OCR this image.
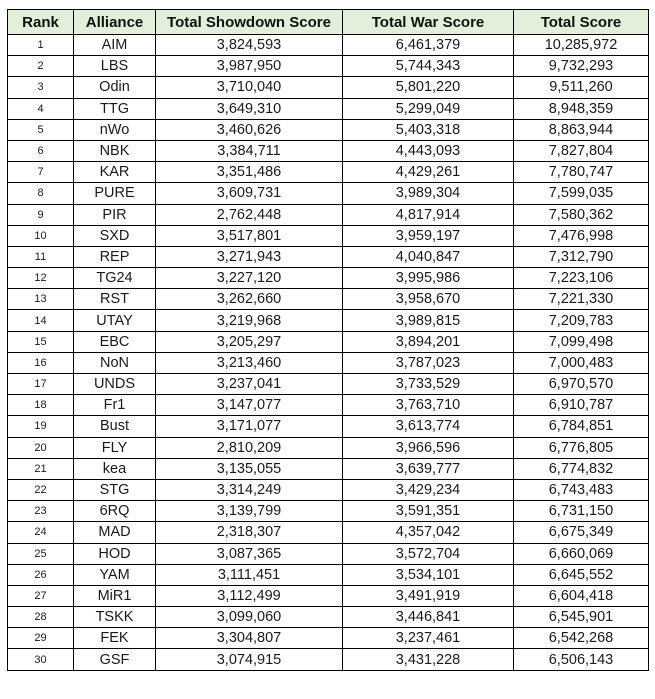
Rank	Alliance	Total Showdown Score	Total War Score	Total Score
1	AIM	3,824,593	6,461,379	10,285,972
2	LBS	3,987,950	5,744,343	9,732,293
3	Odin	3,710,040	5,801,220	9,511,260
4	TTG	3,649,310	5,299,049	8,948,359
5	nWo	3,460,626	5,403,318	8,863,944
6	NBK	3,384,711	4,443,093	7,827,804
7	KAR	3,351,486	4,429,261	7,780,747
8	PURE	3,609,731	3,989,304	7,599,035
9	PIR	2,762,448	4,817,914	7,580,362
10	SXD	3,517,801	3,959,197	7,476,998
11	REP	3,271,943	4,040,847	7,312,790
12	TG24	3,227,120	3,995,986	7,223,106
13	RST	3,262,660	3,958,670	7,221,330
14	UTAY	3,219,968	3,989,815	7,209,783
15	EBC	3,205,297	3,894,201	7,099,498
16	NoN	3,213,460	3,787,023	7,000,483
17	UNDS	3,237,041	3,733,529	6,970,570
18	Fr1	3,147,077	3,763,710	6,910,787
19	Bust	3,171,077	3,613,774	6,784,851
20	FLY	2,810,209	3,966,596	6,776,805
21	kea	3,135,055	3,639,777	6,774,832
22	STG	3,314,249	3,429,234	6,743,483
23	6RQ	3,139,799	3,591,351	6,731,150
24	MAD	2,318,307	4,357,042	6,675,349
25	HOD	3,087,365	3,572,704	6,660,069
26	YAM	3,111,451	3,534,101	6,645,552
27	MiR1	3,112,499	3,491,919	6,604,418
28	TSKK	3,099,060	3,446,841	6,545,901
29	FEK	3,304,807	3,237,461	6,542,268
30	GSF	3,074,915	3,431,228	6,506,143
